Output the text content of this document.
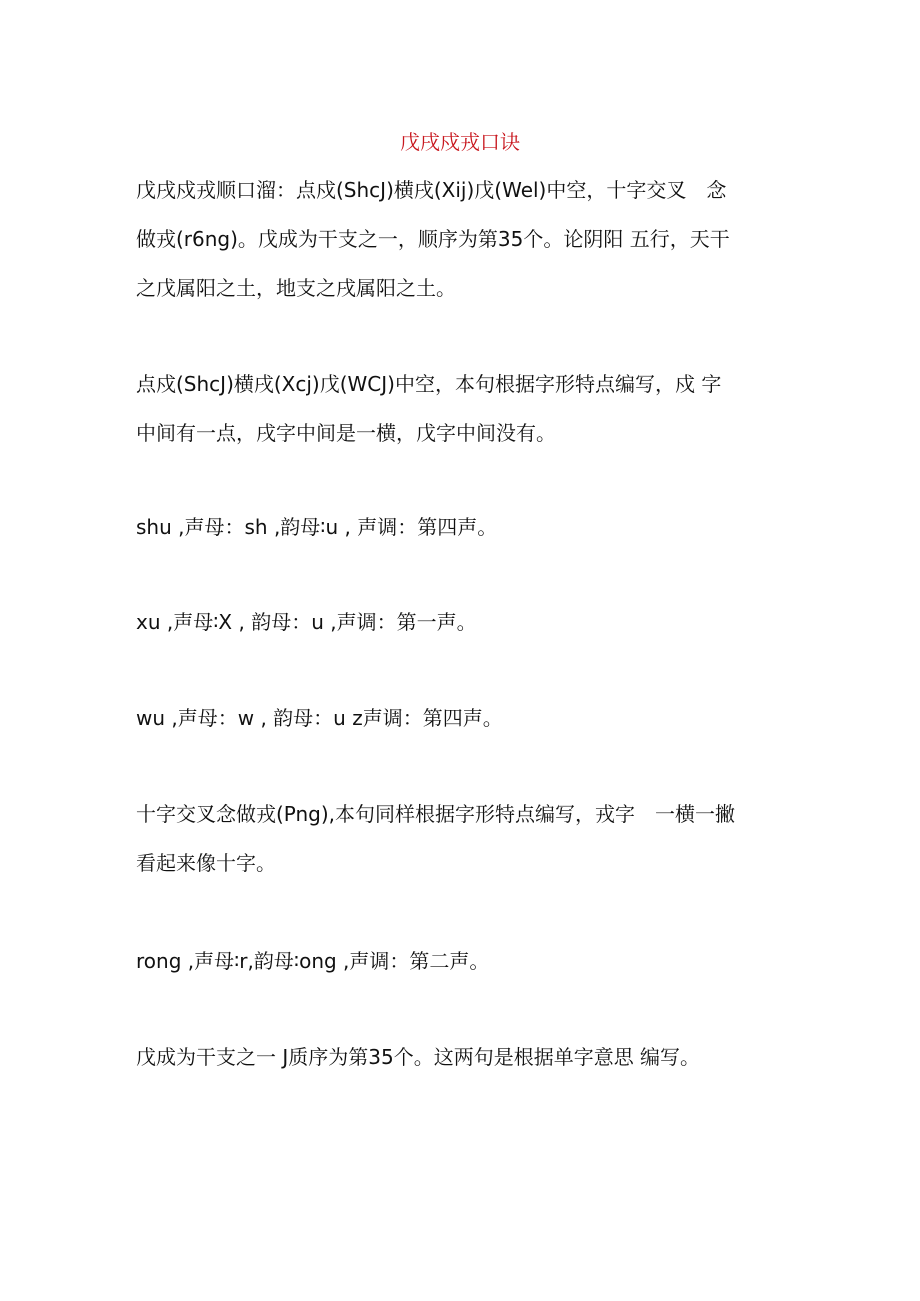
戊戌戍戎口诀

戊戌戍戎顺口溜：点戍(ShcJ)横戌(Xij)戊(Wel)中空，十字交叉　念
做戎(r6ng)。戊成为干支之一，顺序为第35个。论阴阳 五行，天干
之戊属阳之土，地支之戌属阳之土。

点戍(ShcJ)横戌(Xcj)戊(WCJ)中空，本句根据字形特点编写，戍 字
中间有一点，戌字中间是一横，戊字中间没有。

shu ,声母：sh ,韵母∶u , 声调：第四声。

xu ,声母∶X , 韵母：u ,声调：第一声。

wu ,声母：w , 韵母：u z声调：第四声。

十字交叉念做戎(Png),本句同样根据字形特点编写，戎字　一横一撇
看起来像十字。

rong ,声母∶r,韵母∶ong ,声调：第二声。

戊成为干支之一 J质序为第35个。这两句是根据单字意思 编写。
